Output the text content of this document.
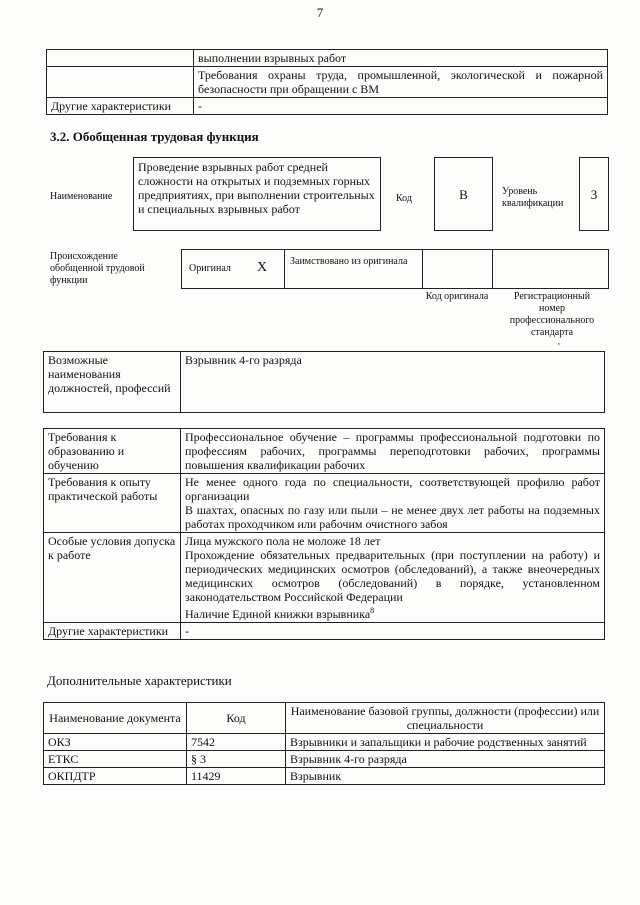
7
	выполнении взрывных работ
	Требования охраны труда, промышленной, экологической и пожарной безопасности при обращении с ВМ
Другие характеристики	-
3.2. Обобщенная трудовая функция
Наименование
Проведение взрывных работ средней сложности на открытых и подземных горных предприятиях, при выполнении строительных и специальных взрывных работ
Код	В	Уровень квалификации
3
Происхождение обобщенной трудовой функции
Оригинал X Заимствовано из оригинала
Код оригинала	Регистрационный номер профессионального стандарта
'
Возможные наименования должностей, профессий	Взрывник 4-го разряда
Требования к образованию и обучению	Профессиональное обучение – программы профессиональной подготовки по профессиям рабочих, программы переподготовки рабочих, программы повышения квалификации рабочих
Требования к опыту практической работы	Не менее одного года по специальности, соответствующей профилю работ организации
В шахтах, опасных по газу или пыли – не менее двух лет работы на подземных работах проходчиком или рабочим очистного забоя

Особые условия допуска к работе	Лица мужского пола не моложе 18 лет
Прохождение обязательных предварительных (при поступлении на работу) и периодических медицинских осмотров (обследований), а также внеочередных медицинских осмотров (обследований) в порядке, установленном законодательством Российской Федерации
Наличие Единой книжки взрывника$^8$

Другие характеристики	-
Дополнительные характеристики
Наименование документа	Код	Наименование базовой группы, должности (профессии) или специальности
ОКЗ	7542	Взрывники и запальщики и рабочие родственных занятий
ЕТКС	§ 3	Взрывник 4-го разряда
ОКПДТР	11429	Взрывник
